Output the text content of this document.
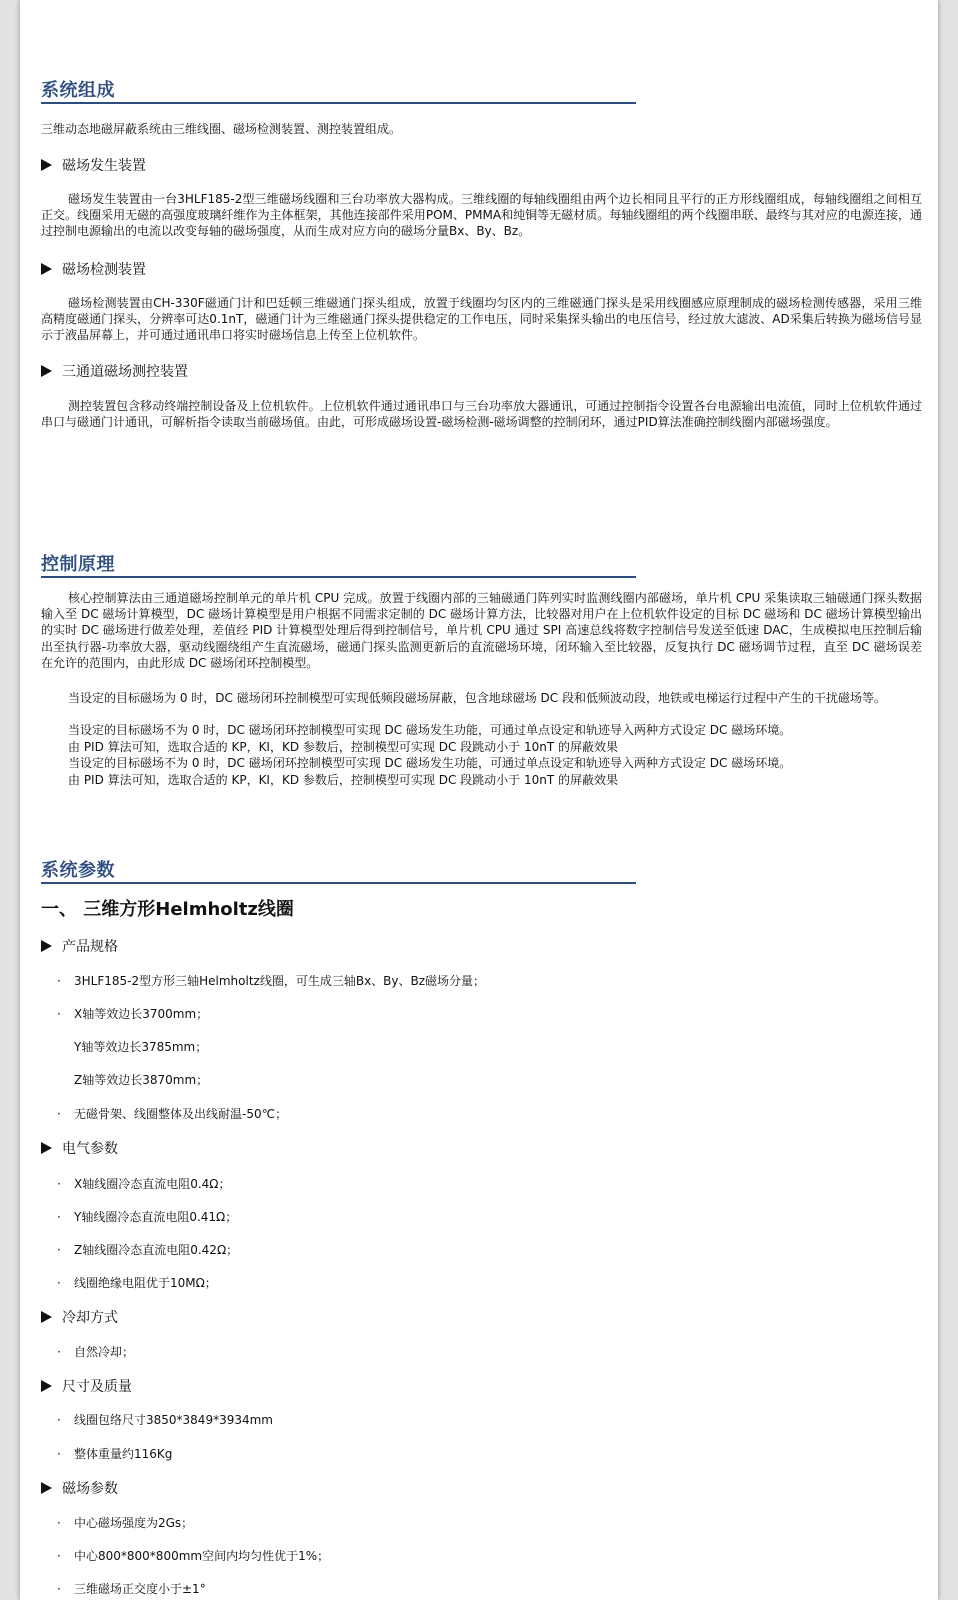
系统组成
三维动态地磁屏蔽系统由三维线圈、磁场检测装置、测控装置组成。
磁场发生装置
磁场发生装置由一台3HLF185-2型三维磁场线圈和三台功率放大器构成。三维线圈的每轴线圈组由两个边长相同且平行的正方形线圈组成，每轴线圈组之间相互正交。线圈采用无磁的高强度玻璃纤维作为主体框架，其他连接部件采用POM、PMMA和纯铜等无磁材质。每轴线圈组的两个线圈串联、最终与其对应的电源连接，通过控制电源输出的电流以改变每轴的磁场强度，从而生成对应方向的磁场分量Bx、By、Bz。
磁场检测装置
磁场检测装置由CH-330F磁通门计和巴廷顿三维磁通门探头组成，放置于线圈均匀区内的三维磁通门探头是采用线圈感应原理制成的磁场检测传感器，采用三维高精度磁通门探头，分辨率可达0.1nT，磁通门计为三维磁通门探头提供稳定的工作电压，同时采集探头输出的电压信号，经过放大滤波、AD采集后转换为磁场信号显示于液晶屏幕上，并可通过通讯串口将实时磁场信息上传至上位机软件。
三通道磁场测控装置
测控装置包含移动终端控制设备及上位机软件。上位机软件通过通讯串口与三台功率放大器通讯，可通过控制指令设置各台电源输出电流值，同时上位机软件通过串口与磁通门计通讯，可解析指令读取当前磁场值。由此，可形成磁场设置-磁场检测-磁场调整的控制闭环，通过PID算法准确控制线圈内部磁场强度。
控制原理
核心控制算法由三通道磁场控制单元的单片机 CPU 完成。放置于线圈内部的三轴磁通门阵列实时监测线圈内部磁场，单片机 CPU 采集读取三轴磁通门探头数据输入至 DC 磁场计算模型，DC 磁场计算模型是用户根据不同需求定制的 DC 磁场计算方法，比较器对用户在上位机软件设定的目标 DC 磁场和 DC 磁场计算模型输出的实时 DC 磁场进行做差处理，差值经 PID 计算模型处理后得到控制信号，单片机 CPU 通过 SPI 高速总线将数字控制信号发送至低速 DAC，生成模拟电压控制后输出至执行器-功率放大器，驱动线圈绕组产生直流磁场，磁通门探头监测更新后的直流磁场环境，闭环输入至比较器，反复执行 DC 磁场调节过程，直至 DC 磁场误差在允许的范围内，由此形成 DC 磁场闭环控制模型。
当设定的目标磁场为 0 时，DC 磁场闭环控制模型可实现低频段磁场屏蔽，包含地球磁场 DC 段和低频波动段，地铁或电梯运行过程中产生的干扰磁场等。
当设定的目标磁场不为 0 时，DC 磁场闭环控制模型可实现 DC 磁场发生功能，可通过单点设定和轨迹导入两种方式设定 DC 磁场环境。
由 PID 算法可知，选取合适的 KP，KI，KD 参数后，控制模型可实现 DC 段跳动小于 10nT 的屏蔽效果
当设定的目标磁场不为 0 时，DC 磁场闭环控制模型可实现 DC 磁场发生功能，可通过单点设定和轨迹导入两种方式设定 DC 磁场环境。
由 PID 算法可知，选取合适的 KP，KI，KD 参数后，控制模型可实现 DC 段跳动小于 10nT 的屏蔽效果
系统参数
一、 三维方形Helmholtz线圈
产品规格
· 3HLF185-2型方形三轴Helmholtz线圈，可生成三轴Bx、By、Bz磁场分量；
· X轴等效边长3700mm；
Y轴等效边长3785mm；
Z轴等效边长3870mm；
· 无磁骨架、线圈整体及出线耐温-50℃；
电气参数
· X轴线圈冷态直流电阻0.4Ω；
· Y轴线圈冷态直流电阻0.41Ω；
· Z轴线圈冷态直流电阻0.42Ω；
· 线圈绝缘电阻优于10MΩ；
冷却方式
· 自然冷却；
尺寸及质量
· 线圈包络尺寸3850*3849*3934mm
· 整体重量约116Kg
磁场参数
· 中心磁场强度为2Gs；
· 中心800*800*800mm空间内均匀性优于1%；
· 三维磁场正交度小于±1°
